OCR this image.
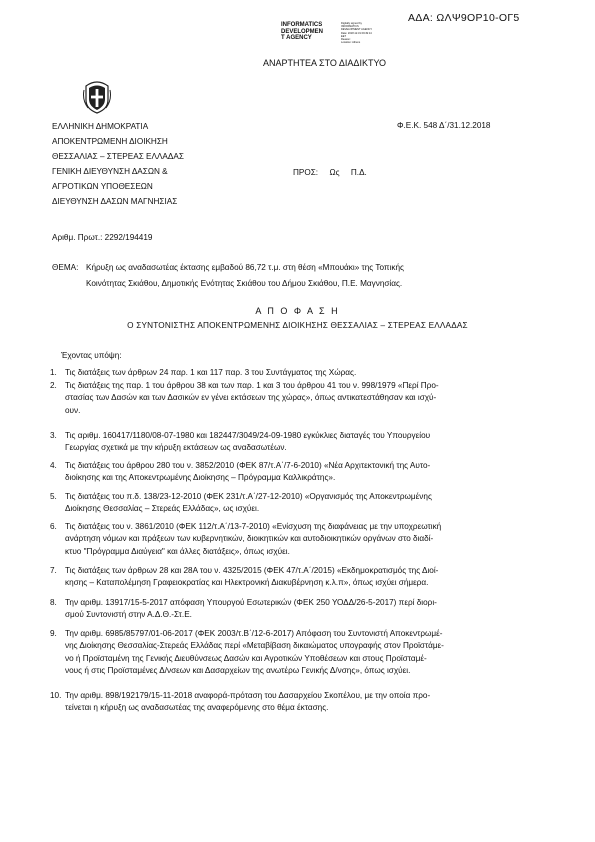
ΑΔΑ: ΩΛΨ9ΟΡ10-ΟΓ5
INFORMATICS
DEVELOPMEN
T AGENCY
Digitally signed by
INFORMATICS
DEVELOPMENT AGENCY
Date: 2018.12.31 09:49:14
EET
Reason:
Location: Athens
ΑΝΑΡΤΗΤΕΑ ΣΤΟ ΔΙΑΔΙΚΤΥΟ
ΕΛΛΗΝΙΚΗ ΔΗΜΟΚΡΑΤΙΑ
ΑΠΟΚΕΝΤΡΩΜΕΝΗ ΔΙΟΙΚΗΣΗ
ΘΕΣΣΑΛΙΑΣ – ΣΤΕΡΕΑΣ ΕΛΛΑΔΑΣ
ΓΕΝΙΚΗ ΔΙΕΥΘΥΝΣΗ ΔΑΣΩΝ &
ΑΓΡΟΤΙΚΩΝ ΥΠΟΘΕΣΕΩΝ
ΔΙΕΥΘΥΝΣΗ ΔΑΣΩΝ ΜΑΓΝΗΣΙΑΣ
Φ.Ε.Κ. 548 Δ΄/31.12.2018
ΠΡΟΣ:     Ως     Π.Δ.
Αριθμ. Πρωτ.: 2292/194419
ΘΕΜΑ: Κήρυξη ως αναδασωτέας έκτασης εμβαδού 86,72 τ.μ. στη θέση «Μπουάκι» της Τοπικής
Κοινότητας Σκιάθου, Δημοτικής Ενότητας Σκιάθου του Δήμου Σκιάθου, Π.Ε. Μαγνησίας.
Α Π Ο Φ Α Σ Η
Ο ΣΥΝΤΟΝΙΣΤΗΣ ΑΠΟΚΕΝΤΡΩΜΕΝΗΣ ΔΙΟΙΚΗΣΗΣ ΘΕΣΣΑΛΙΑΣ – ΣΤΕΡΕΑΣ ΕΛΛΑΔΑΣ
Έχοντας υπόψη:
1. Τις διατάξεις των άρθρων 24 παρ. 1 και 117 παρ. 3 του Συντάγματος της Χώρας.
2. Τις διατάξεις της παρ. 1 του άρθρου 38 και των παρ. 1 και 3 του άρθρου 41 του ν. 998/1979 «Περί Προ-
στασίας των Δασών και των Δασικών εν γένει εκτάσεων της χώρας», όπως αντικατεστάθησαν και ισχύ-
ουν.
3. Τις αριθμ. 160417/1180/08-07-1980 και 182447/3049/24-09-1980 εγκύκλιες διαταγές του Υπουργείου
Γεωργίας σχετικά με την κήρυξη εκτάσεων ως αναδασωτέων.
4. Τις διατάξεις του άρθρου 280 του ν. 3852/2010 (ΦΕΚ 87/τ.Α΄/7-6-2010) «Νέα Αρχιτεκτονική της Αυτο-
διοίκησης και της Αποκεντρωμένης Διοίκησης – Πρόγραμμα Καλλικράτης».
5. Τις διατάξεις του π.δ. 138/23-12-2010 (ΦΕΚ 231/τ.Α΄/27-12-2010) «Οργανισμός της Αποκεντρωμένης
Διοίκησης Θεσσαλίας – Στερεάς Ελλάδας», ως ισχύει.
6. Τις διατάξεις του ν. 3861/2010 (ΦΕΚ 112/τ.Α΄/13-7-2010) «Ενίσχυση της διαφάνειας με την υποχρεωτική
ανάρτηση νόμων και πράξεων των κυβερνητικών, διοικητικών και αυτοδιοικητικών οργάνων στο διαδί-
κτυο "Πρόγραμμα Διαύγεια" και άλλες διατάξεις», όπως ισχύει.
7. Τις διατάξεις των άρθρων 28 και 28Α του ν. 4325/2015 (ΦΕΚ 47/τ.Α΄/2015) «Εκδημοκρατισμός της Διοί-
κησης – Καταπολέμηση Γραφειοκρατίας και Ηλεκτρονική Διακυβέρνηση κ.λ.π», όπως ισχύει σήμερα.
8. Την αριθμ. 13917/15-5-2017 απόφαση Υπουργού Εσωτερικών (ΦΕΚ 250 ΥΟΔΔ/26-5-2017) περί διορι-
σμού Συντονιστή στην Α.Δ.Θ.-Στ.Ε.
9. Την αριθμ. 6985/85797/01-06-2017 (ΦΕΚ 2003/τ.Β΄/12-6-2017) Απόφαση του Συντονιστή Αποκεντρωμέ-
νης Διοίκησης Θεσσαλίας-Στερεάς Ελλάδας περί «Μεταβίβαση δικαιώματος υπογραφής στον Προϊστάμε-
νο ή Προϊσταμένη της Γενικής Διευθύνσεως Δασών και Αγροτικών Υποθέσεων και στους Προϊσταμέ-
νους ή στις Προϊσταμένες Δ/νσεων και Δασαρχείων της ανωτέρω Γενικής Δ/νσης», όπως ισχύει.
10. Την αριθμ. 898/192179/15-11-2018 αναφορά-πρόταση του Δασαρχείου Σκοπέλου, με την οποία προ-
τείνεται η κήρυξη ως αναδασωτέας της αναφερόμενης στο θέμα έκτασης.
